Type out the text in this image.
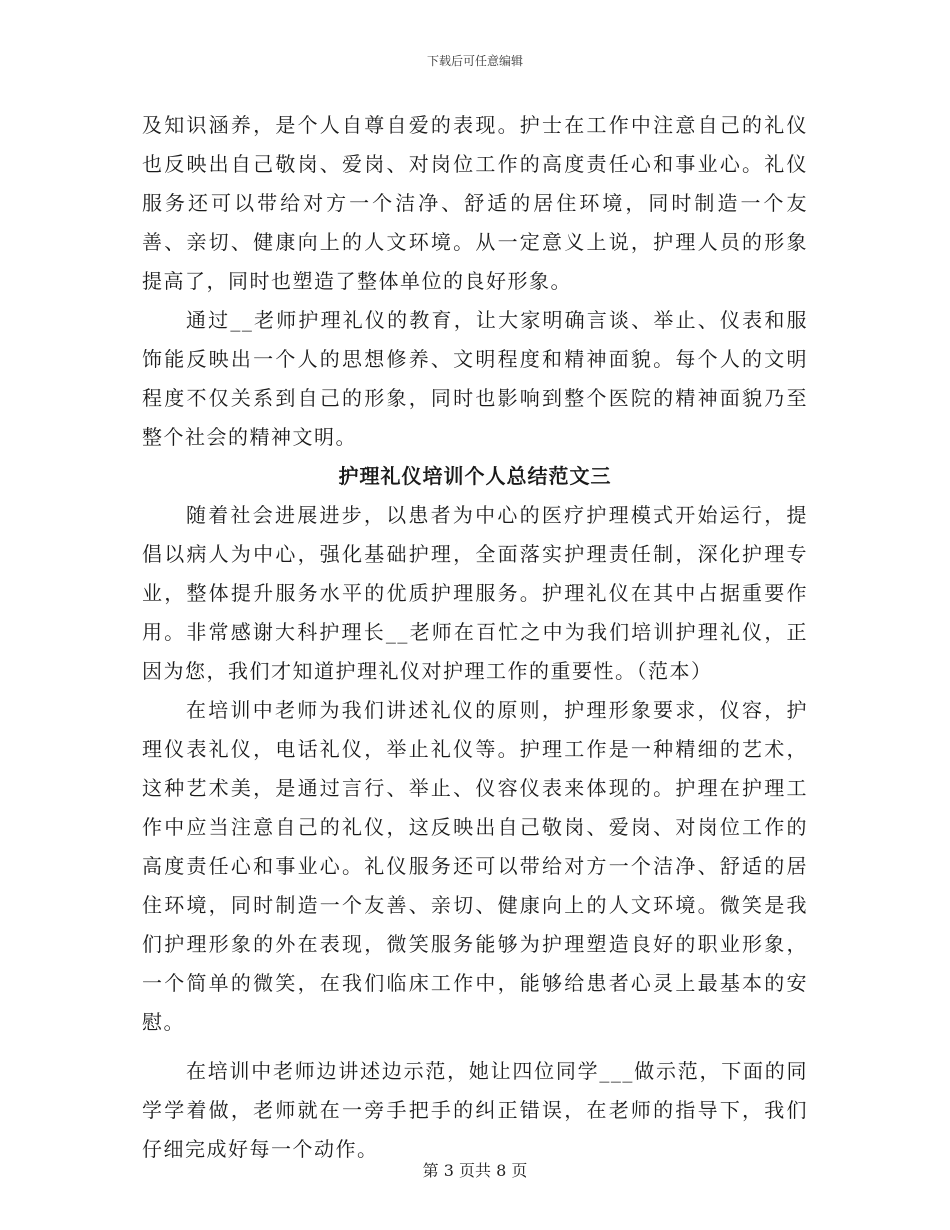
下载后可任意编辑

及知识涵养，是个人自尊自爱的表现。护士在工作中注意自己的礼仪也反映出自己敬岗、爱岗、对岗位工作的高度责任心和事业心。礼仪服务还可以带给对方一个洁净、舒适的居住环境，同时制造一个友善、亲切、健康向上的人文环境。从一定意义上说，护理人员的形象提高了，同时也塑造了整体单位的良好形象。

通过__老师护理礼仪的教育，让大家明确言谈、举止、仪表和服饰能反映出一个人的思想修养、文明程度和精神面貌。每个人的文明程度不仅关系到自己的形象，同时也影响到整个医院的精神面貌乃至整个社会的精神文明。

护理礼仪培训个人总结范文三

随着社会进展进步，以患者为中心的医疗护理模式开始运行，提倡以病人为中心，强化基础护理，全面落实护理责任制，深化护理专业，整体提升服务水平的优质护理服务。护理礼仪在其中占据重要作用。非常感谢大科护理长__老师在百忙之中为我们培训护理礼仪，正因为您，我们才知道护理礼仪对护理工作的重要性。（范本）

在培训中老师为我们讲述礼仪的原则，护理形象要求，仪容，护理仪表礼仪，电话礼仪，举止礼仪等。护理工作是一种精细的艺术，这种艺术美，是通过言行、举止、仪容仪表来体现的。护理在护理工作中应当注意自己的礼仪，这反映出自己敬岗、爱岗、对岗位工作的高度责任心和事业心。礼仪服务还可以带给对方一个洁净、舒适的居住环境，同时制造一个友善、亲切、健康向上的人文环境。微笑是我们护理形象的外在表现，微笑服务能够为护理塑造良好的职业形象，一个简单的微笑，在我们临床工作中，能够给患者心灵上最基本的安慰。

在培训中老师边讲述边示范，她让四位同学___做示范，下面的同学学着做，老师就在一旁手把手的纠正错误，在老师的指导下，我们仔细完成好每一个动作。

第 3 页共 8 页
